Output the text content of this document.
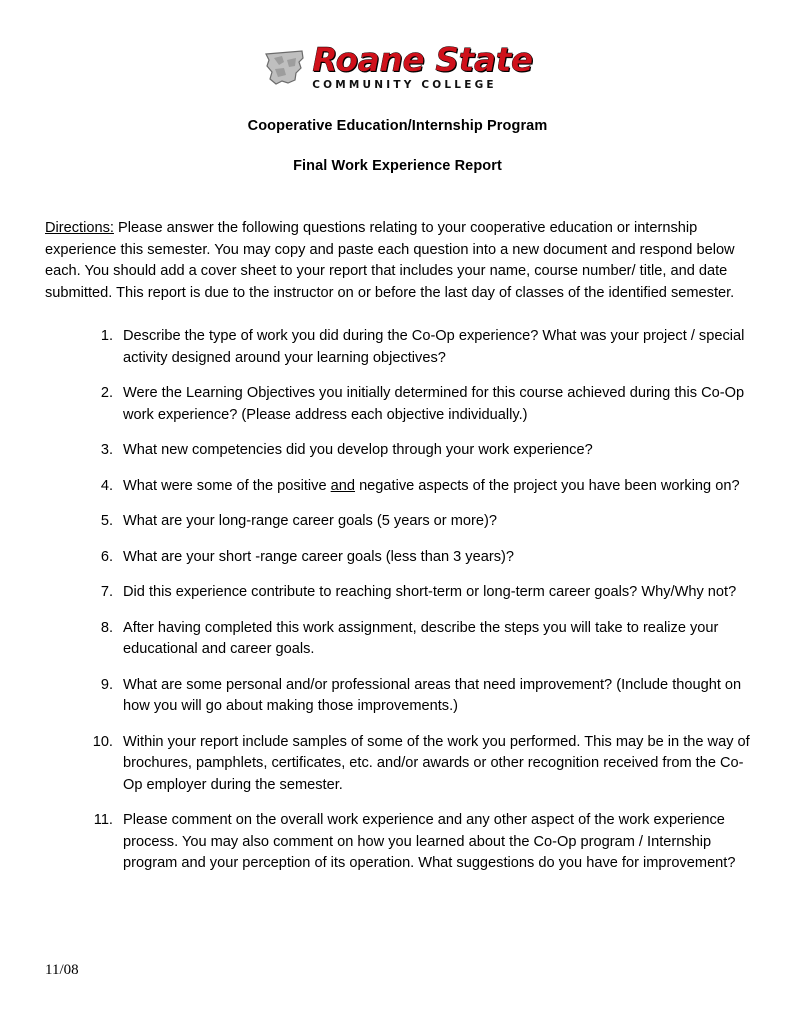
Roane State
COMMUNITY COLLEGE
Cooperative Education/Internship Program
Final Work Experience Report
Directions: Please answer the following questions relating to your cooperative education or internship experience this semester. You may copy and paste each question into a new document and respond below each. You should add a cover sheet to your report that includes your name, course number/ title, and date submitted. This report is due to the instructor on or before the last day of classes of the identified semester.
1. Describe the type of work you did during the Co-Op experience? What was your project / special activity designed around your learning objectives?
2. Were the Learning Objectives you initially determined for this course achieved during this Co-Op work experience? (Please address each objective individually.)
3. What new competencies did you develop through your work experience?
4. What were some of the positive and negative aspects of the project you have been working on?
5. What are your long-range career goals (5 years or more)?
6. What are your short -range career goals (less than 3 years)?
7. Did this experience contribute to reaching short-term or long-term career goals? Why/Why not?
8. After having completed this work assignment, describe the steps you will take to realize your educational and career goals.
9. What are some personal and/or professional areas that need improvement? (Include thought on how you will go about making those improvements.)
10. Within your report include samples of some of the work you performed. This may be in the way of brochures, pamphlets, certificates, etc. and/or awards or other recognition received from the Co-Op employer during the semester.
11. Please comment on the overall work experience and any other aspect of the work experience process. You may also comment on how you learned about the Co-Op program / Internship program and your perception of its operation. What suggestions do you have for improvement?
11/08
